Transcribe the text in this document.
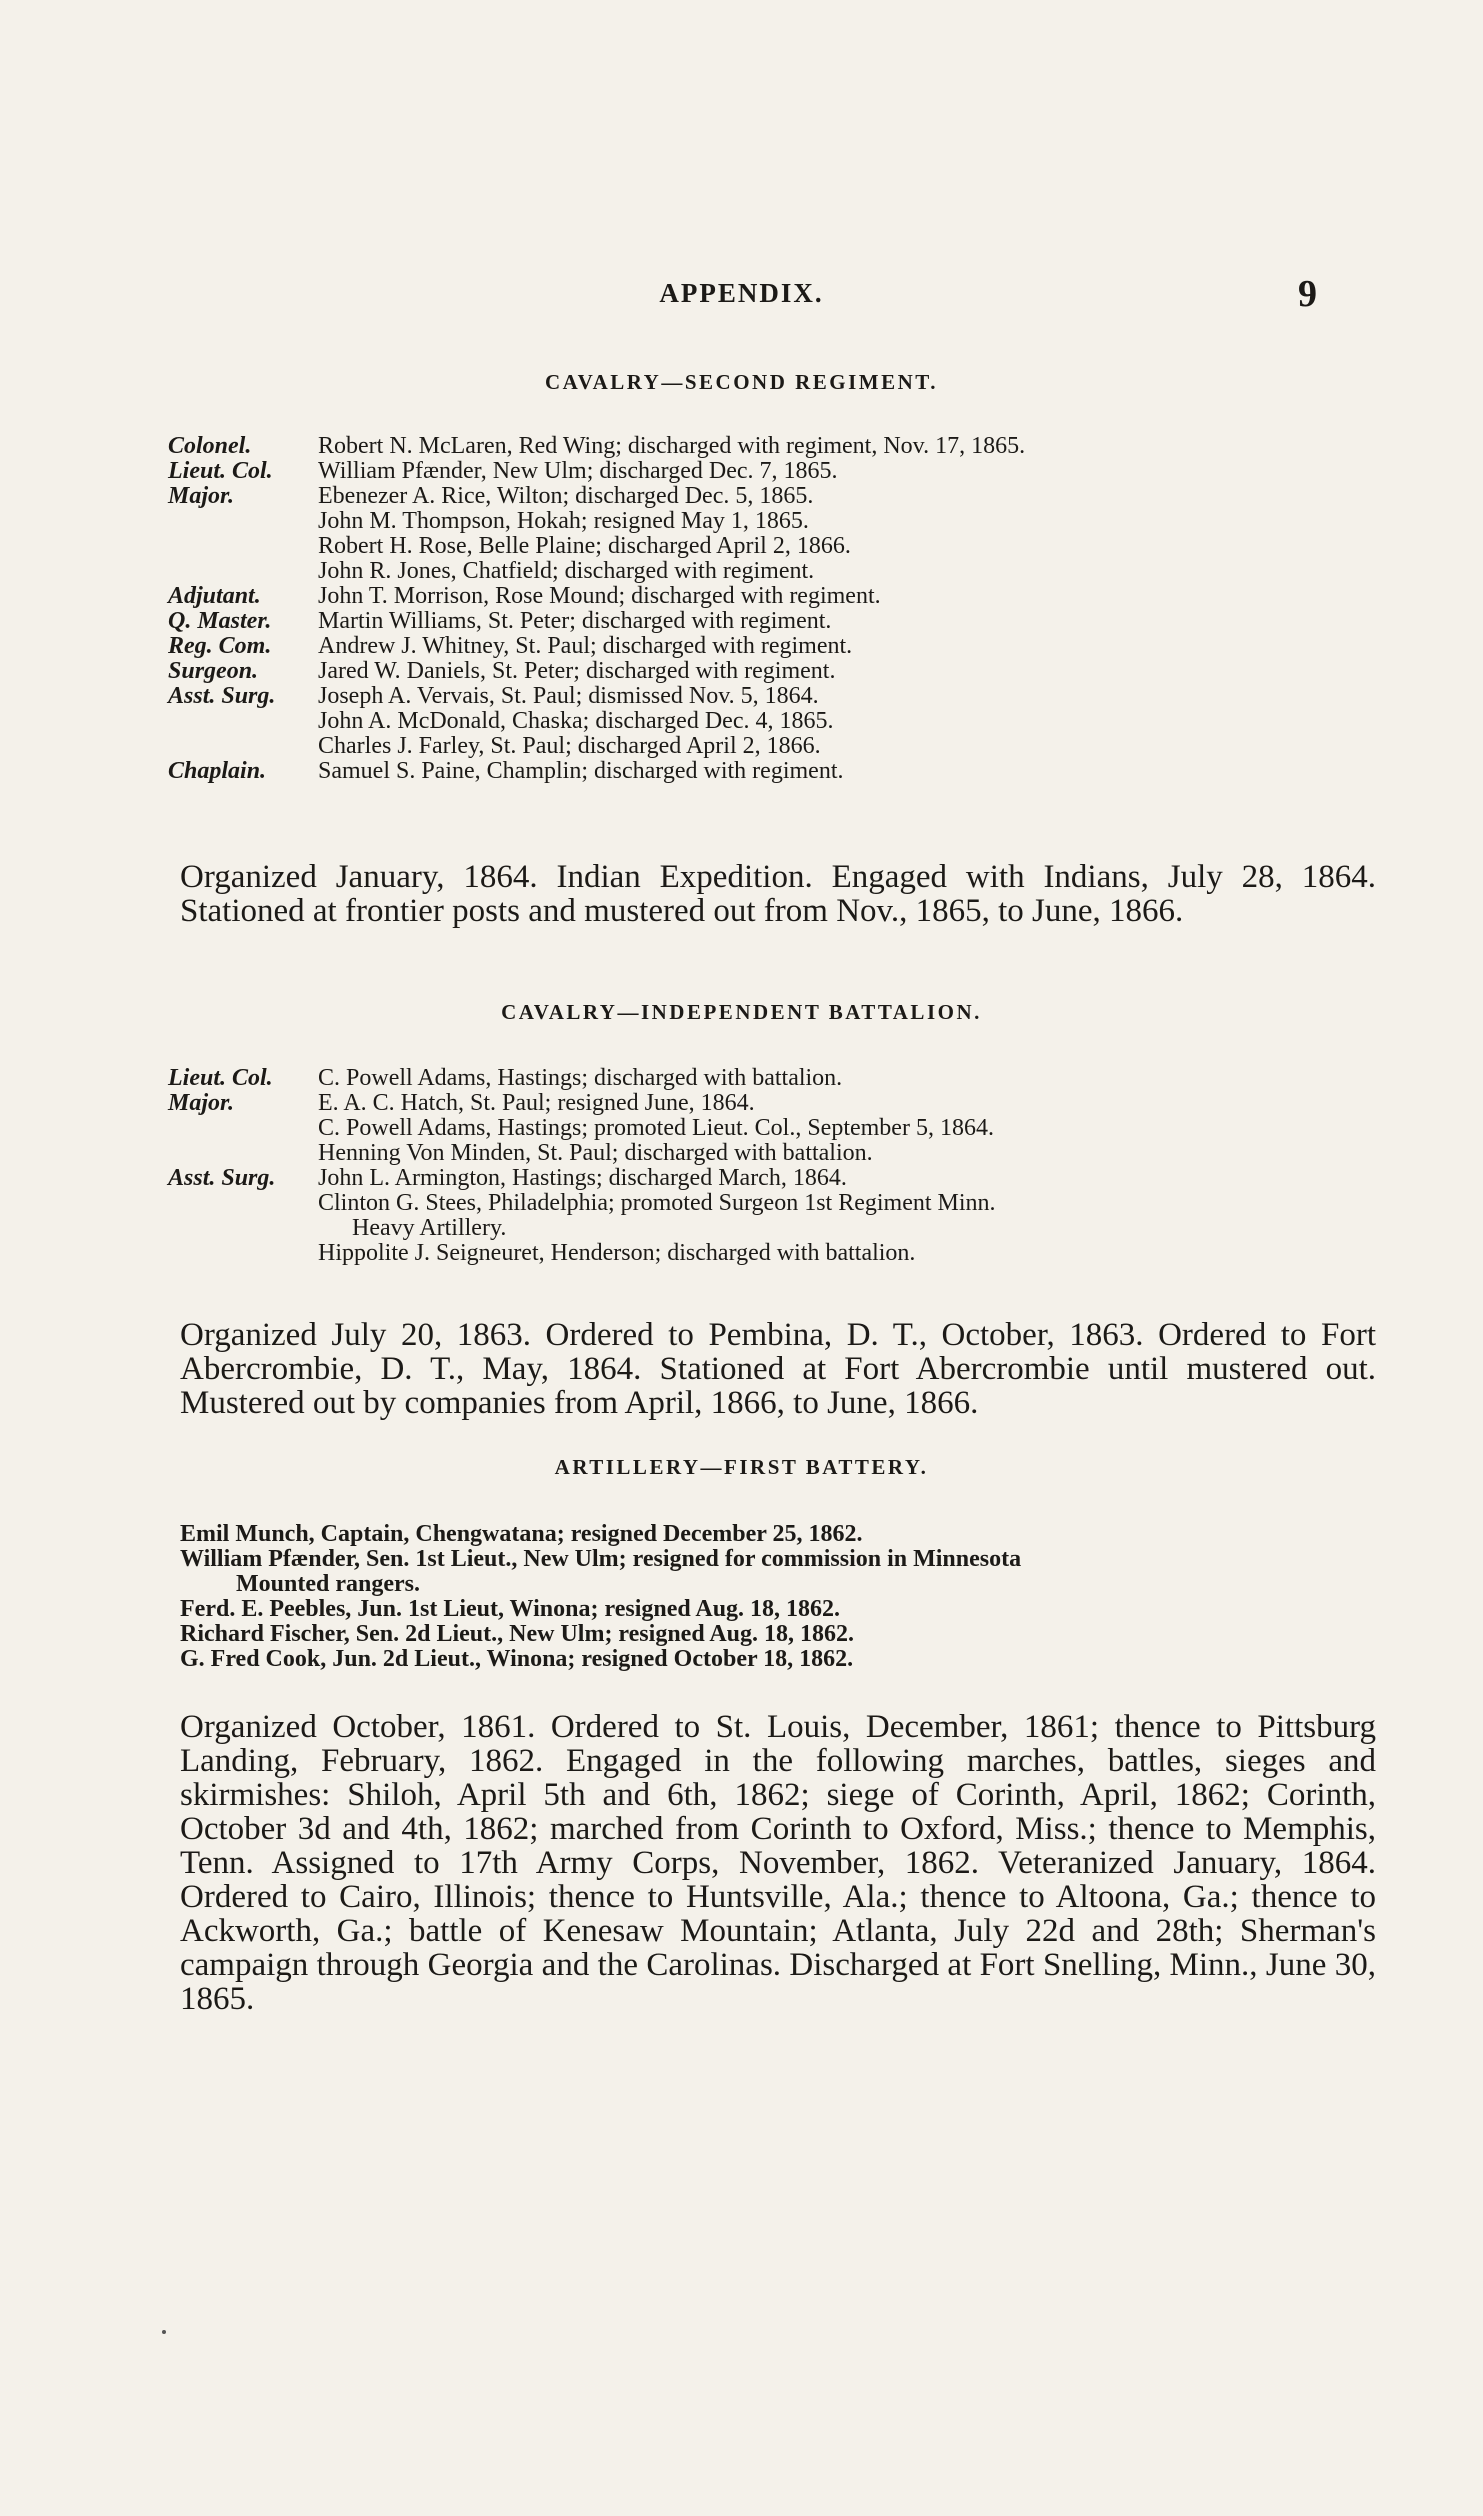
APPENDIX.	9
CAVALRY—SECOND REGIMENT.
Colonel.	Robert N. McLaren, Red Wing; discharged with regiment, Nov. 17, 1865.
Lieut. Col.	William Pfænder, New Ulm; discharged Dec. 7, 1865.
Major.	Ebenezer A. Rice, Wilton; discharged Dec. 5, 1865.
John M. Thompson, Hokah; resigned May 1, 1865.
Robert H. Rose, Belle Plaine; discharged April 2, 1866.
John R. Jones, Chatfield; discharged with regiment.
Adjutant.	John T. Morrison, Rose Mound; discharged with regiment.
Q. Master.	Martin Williams, St. Peter; discharged with regiment.
Reg. Com.	Andrew J. Whitney, St. Paul; discharged with regiment.
Surgeon.	Jared W. Daniels, St. Peter; discharged with regiment.
Asst. Surg.	Joseph A. Vervais, St. Paul; dismissed Nov. 5, 1864.
John A. McDonald, Chaska; discharged Dec. 4, 1865.
Charles J. Farley, St. Paul; discharged April 2, 1866.
Chaplain.	Samuel S. Paine, Champlin; discharged with regiment.
Organized January, 1864. Indian Expedition. Engaged with Indians, July 28, 1864. Stationed at frontier posts and mustered out from Nov., 1865, to June, 1866.
CAVALRY—INDEPENDENT BATTALION.
Lieut. Col.	C. Powell Adams, Hastings; discharged with battalion.
Major.	E. A. C. Hatch, St. Paul; resigned June, 1864.
C. Powell Adams, Hastings; promoted Lieut. Col., September 5, 1864.
Henning Von Minden, St. Paul; discharged with battalion.
Asst. Surg.	John L. Armington, Hastings; discharged March, 1864.
Clinton G. Stees, Philadelphia; promoted Surgeon 1st Regiment Minn.
Heavy Artillery.
Hippolite J. Seigneuret, Henderson; discharged with battalion.
Organized July 20, 1863. Ordered to Pembina, D. T., October, 1863. Ordered to Fort Abercrombie, D. T., May, 1864. Stationed at Fort Abercrombie until mustered out. Mustered out by companies from April, 1866, to June, 1866.
ARTILLERY—FIRST BATTERY.
Emil Munch, Captain, Chengwatana; resigned December 25, 1862.
William Pfænder, Sen. 1st Lieut., New Ulm; resigned for commission in Minnesota
Mounted rangers.
Ferd. E. Peebles, Jun. 1st Lieut, Winona; resigned Aug. 18, 1862.
Richard Fischer, Sen. 2d Lieut., New Ulm; resigned Aug. 18, 1862.
G. Fred Cook, Jun. 2d Lieut., Winona; resigned October 18, 1862.
Organized October, 1861. Ordered to St. Louis, December, 1861; thence to Pittsburg Landing, February, 1862. Engaged in the following marches, battles, sieges and skirmishes: Shiloh, April 5th and 6th, 1862; siege of Corinth, April, 1862; Corinth, October 3d and 4th, 1862; marched from Corinth to Oxford, Miss.; thence to Memphis, Tenn. Assigned to 17th Army Corps, November, 1862. Veteranized January, 1864. Ordered to Cairo, Illinois; thence to Huntsville, Ala.; thence to Altoona, Ga.; thence to Ackworth, Ga.; battle of Kenesaw Mountain; Atlanta, July 22d and 28th; Sherman's campaign through Georgia and the Carolinas. Discharged at Fort Snelling, Minn., June 30, 1865.
